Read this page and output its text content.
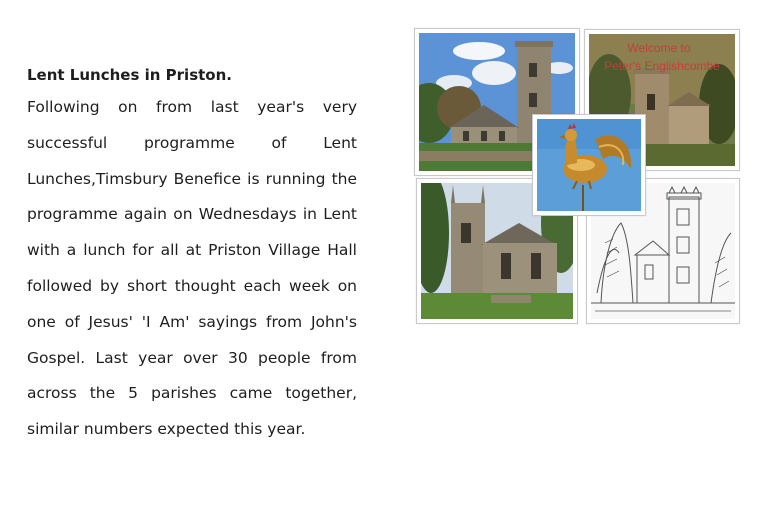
Lent Lunches in Priston.

Following on from last year's very successful programme of Lent Lunches,Timsbury Benefice is running the programme again on Wednesdays in Lent with a lunch for all at Priston Village Hall followed by short thought each week on one of Jesus' 'I Am' sayings from John's Gospel. Last year over 30 people from across the 5 parishes came together, similar numbers expected this year.

Welcome to
Peter's Englishcombe
